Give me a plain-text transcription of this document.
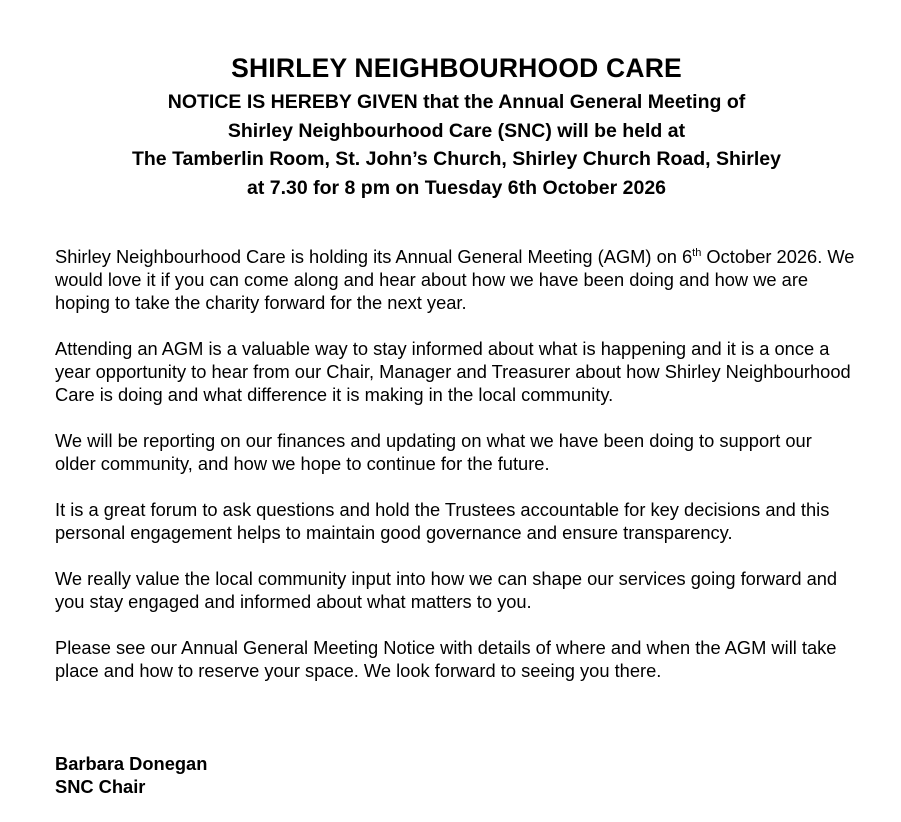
SHIRLEY NEIGHBOURHOOD CARE
NOTICE IS HEREBY GIVEN that the Annual General Meeting of
Shirley Neighbourhood Care (SNC) will be held at
The Tamberlin Room, St. John’s Church, Shirley Church Road, Shirley
at 7.30 for 8 pm on Tuesday 6th October 2026

Shirley Neighbourhood Care is holding its Annual General Meeting (AGM) on 6th October 2026. We would love it if you can come along and hear about how we have been doing and how we are hoping to take the charity forward for the next year.

Attending an AGM is a valuable way to stay informed about what is happening and it is a once a year opportunity to hear from our Chair, Manager and Treasurer about how Shirley Neighbourhood Care is doing and what difference it is making in the local community.

We will be reporting on our finances and updating on what we have been doing to support our older community, and how we hope to continue for the future.

It is a great forum to ask questions and hold the Trustees accountable for key decisions and this personal engagement helps to maintain good governance and ensure transparency.

We really value the local community input into how we can shape our services going forward and you stay engaged and informed about what matters to you.

Please see our Annual General Meeting Notice with details of where and when the AGM will take place and how to reserve your space. We look forward to seeing you there.

Barbara Donegan
SNC Chair
